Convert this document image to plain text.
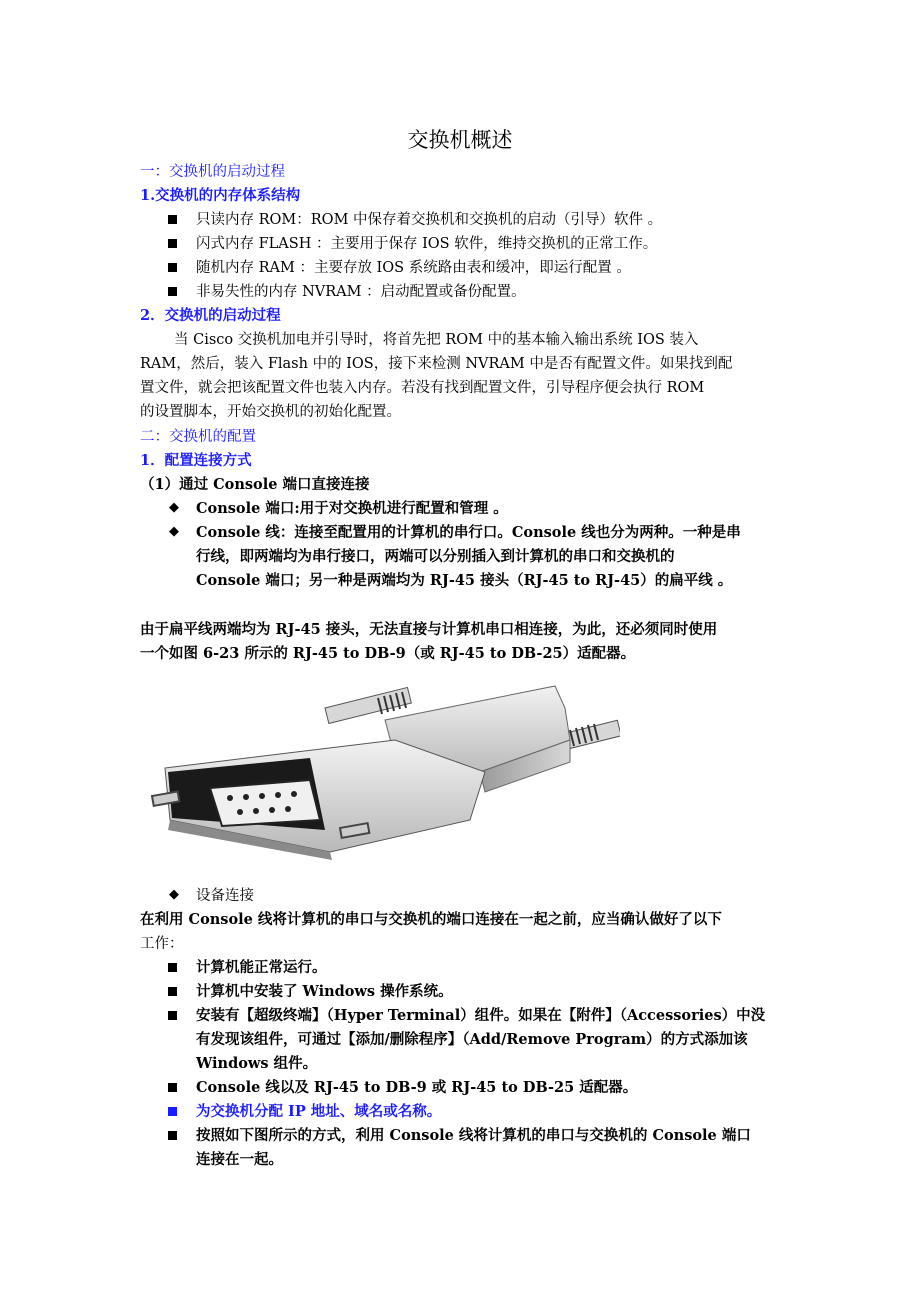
交换机概述
一：交换机的启动过程
1.交换机的内存体系结构
只读内存 ROM：ROM 中保存着交换机和交换机的启动（引导）软件 。
闪式内存 FLASH ：主要用于保存 IOS 软件，维持交换机的正常工作。
随机内存 RAM ：主要存放 IOS 系统路由表和缓冲，即运行配置 。
非易失性的内存 NVRAM ：启动配置或备份配置。
2．交换机的启动过程
当 Cisco 交换机加电并引导时，将首先把 ROM 中的基本输入输出系统 IOS 装入
RAM，然后，装入 Flash 中的 IOS，接下来检测 NVRAM 中是否有配置文件。如果找到配
置文件，就会把该配置文件也装入内存。若没有找到配置文件，引导程序便会执行 ROM
的设置脚本，开始交换机的初始化配置。
二：交换机的配置
1．配置连接方式
（1）通过 Console 端口直接连接
◆ Console 端口:用于对交换机进行配置和管理 。
◆ Console 线：连接至配置用的计算机的串行口。Console 线也分为两种。一种是串
行线，即两端均为串行接口，两端可以分别插入到计算机的串口和交换机的
Console 端口；另一种是两端均为 RJ-45 接头（RJ-45 to RJ-45）的扁平线 。
由于扁平线两端均为 RJ-45 接头，无法直接与计算机串口相连接，为此，还必须同时使用
一个如图 6-23 所示的 RJ-45 to DB-9（或 RJ-45 to DB-25）适配器。
◆ 设备连接
在利用 Console 线将计算机的串口与交换机的端口连接在一起之前，应当确认做好了以下
工作：
计算机能正常运行。
计算机中安装了 Windows 操作系统。
安装有【超级终端】（Hyper Terminal）组件。如果在【附件】（Accessories）中没
有发现该组件，可通过【添加/删除程序】（Add/Remove Program）的方式添加该
Windows 组件。
Console 线以及 RJ-45 to DB-9 或 RJ-45 to DB-25 适配器。
为交换机分配 IP 地址、域名或名称。
按照如下图所示的方式，利用 Console 线将计算机的串口与交换机的 Console 端口
连接在一起。
